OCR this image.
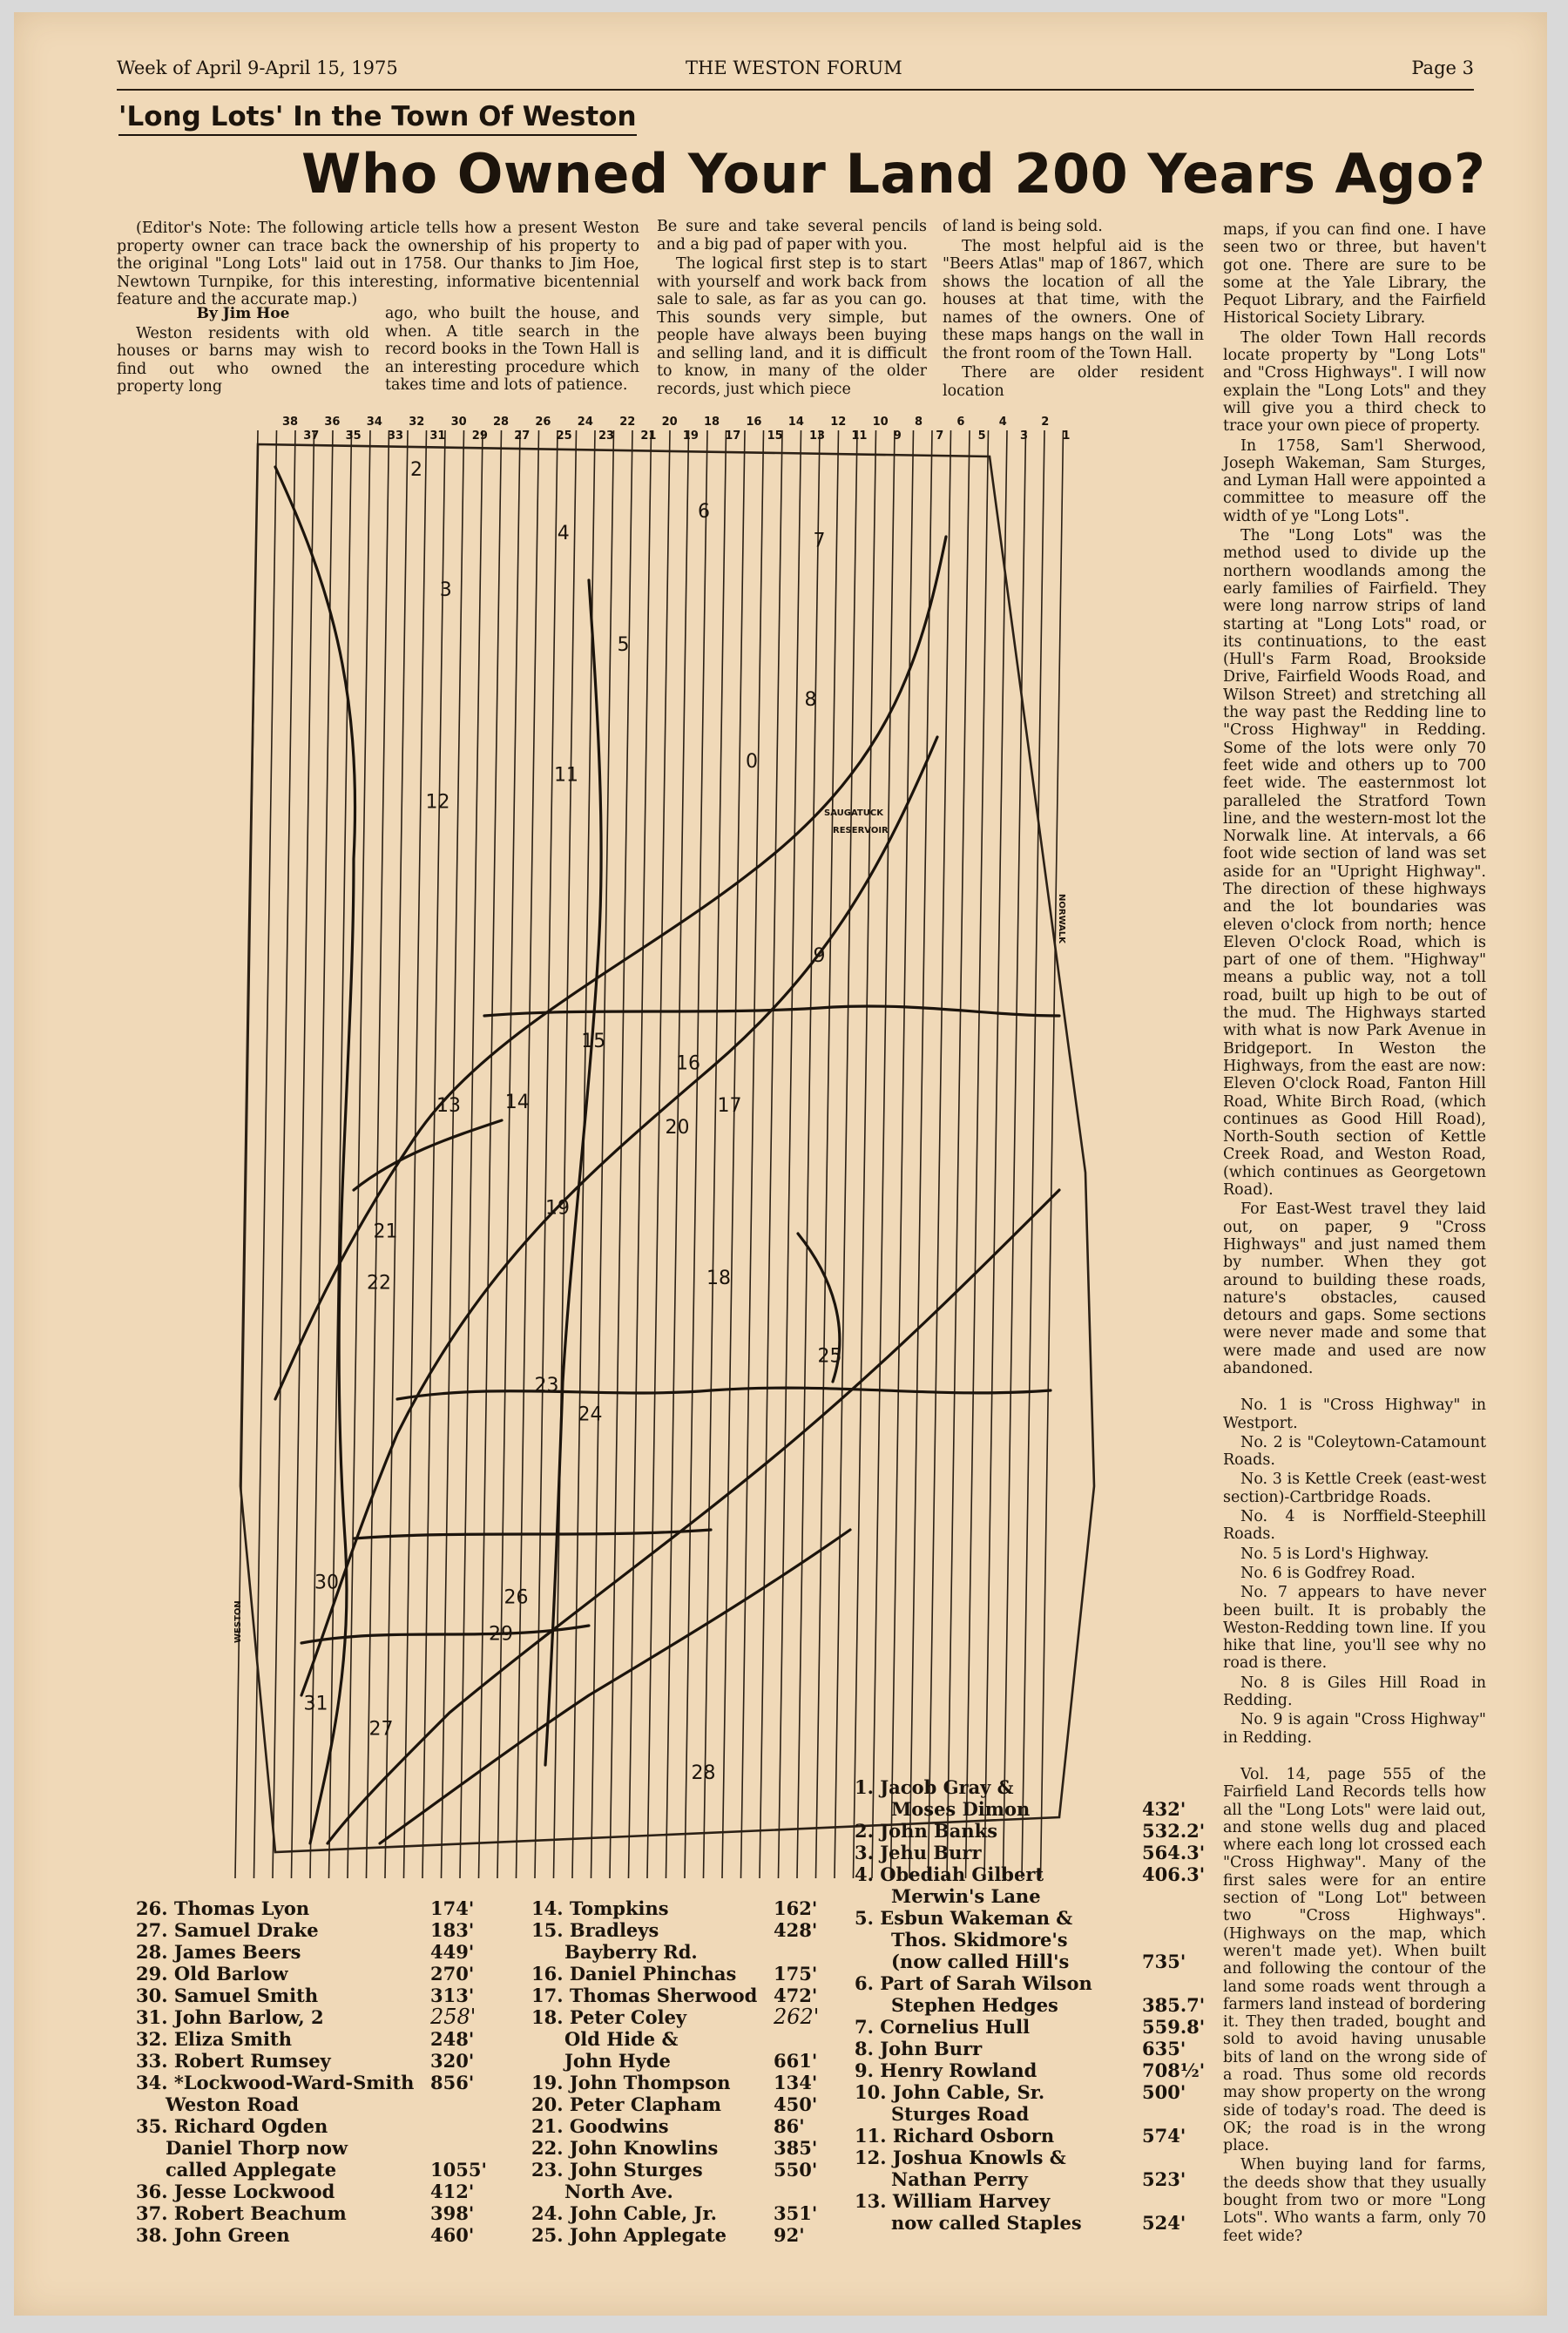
Week of April 9-April 15, 1975	THE WESTON FORUM	Page 3
'Long Lots' In the Town Of Weston
Who Owned Your Land 200 Years Ago?

(Editor's Note: The following article tells how a present Weston property owner can trace back the ownership of his property to the original "Long Lots" laid out in 1758. Our thanks to Jim Hoe, Newtown Turnpike, for this interesting, informative bicentennial feature and the accurate map.)

By Jim Hoe

Weston residents with old houses or barns may wish to find out who owned the property long

ago, who built the house, and when. A title search in the record books in the Town Hall is an interesting procedure which takes time and lots of patience.

Be sure and take several pencils and a big pad of paper with you.

The logical first step is to start with yourself and work back from sale to sale, as far as you can go. This sounds very simple, but people have always been buying and selling land, and it is difficult to know, in many of the older records, just which piece

of land is being sold.

The most helpful aid is the "Beers Atlas" map of 1867, which shows the location of all the houses at that time, with the names of the owners. One of these maps hangs on the wall in the front room of the Town Hall.

There are older resident location

maps, if you can find one. I have seen two or three, but haven't got one. There are sure to be some at the Yale Library, the Pequot Library, and the Fairfield Historical Society Library.

The older Town Hall records locate property by "Long Lots" and "Cross Highways". I will now explain the "Long Lots" and they will give you a third check to trace your own piece of property.

In 1758, Sam'l Sherwood, Joseph Wakeman, Sam Sturges, and Lyman Hall were appointed a committee to measure off the width of ye "Long Lots".

The "Long Lots" was the method used to divide up the northern woodlands among the early families of Fairfield. They were long narrow strips of land starting at "Long Lots" road, or its continuations, to the east (Hull's Farm Road, Brookside Drive, Fairfield Woods Road, and Wilson Street) and stretching all the way past the Redding line to "Cross Highway" in Redding. Some of the lots were only 70 feet wide and others up to 700 feet wide. The easternmost lot paralleled the Stratford Town line, and the western-most lot the Norwalk line. At intervals, a 66 foot wide section of land was set aside for an "Upright Highway". The direction of these highways and the lot boundaries was eleven o'clock from north; hence Eleven O'clock Road, which is part of one of them. "Highway" means a public way, not a toll road, built up high to be out of the mud. The Highways started with what is now Park Avenue in Bridgeport. In Weston the Highways, from the east are now: Eleven O'clock Road, Fanton Hill Road, White Birch Road, (which continues as Good Hill Road), North-South section of Kettle Creek Road, and Weston Road, (which continues as Georgetown Road).

For East-West travel they laid out, on paper, 9 "Cross Highways" and just named them by number. When they got around to building these roads, nature's obstacles, caused detours and gaps. Some sections were never made and some that were made and used are now abandoned.

No. 1 is "Cross Highway" in Westport.

No. 2 is "Coleytown-Catamount Roads.

No. 3 is Kettle Creek (east-west section)-Cartbridge Roads.

No. 4 is Norffield-Steephill Roads.

No. 5 is Lord's Highway.

No. 6 is Godfrey Road.

No. 7 appears to have never been built. It is probably the Weston-Redding town line. If you hike that line, you'll see why no road is there.

No. 8 is Giles Hill Road in Redding.

No. 9 is again "Cross Highway" in Redding.

Vol. 14, page 555 of the Fairfield Land Records tells how all the "Long Lots" were laid out, and stone wells dug and placed where each long lot crossed each "Cross Highway". Many of the first sales were for an entire section of "Long Lot" between two "Cross Highways". (Highways on the map, which weren't made yet). When built and following the contour of the land some roads went through a farmers land instead of bordering it. They then traded, bought and sold to avoid having unusable bits of land on the wrong side of a road. Thus some old records may show property on the wrong side of today's road. The deed is OK; the road is in the wrong place.

When buying land for farms, the deeds show that they usually bought from two or more "Long Lots". Who wants a farm, only 70 feet wide?

38
37
36
35
34
33
32
31
30
29
28
27
26
25
24
23
22
21
20
19
18
17
16
15
14
13
12
11
10
9
8
7
6
5
4
3
2
1
SAUGATUCK
RESERVOIR
WESTON
NORWALK
2
3
4
5
6
7
8
9
0
11
12
13 14
15
16
17
18
19
20
21
22
23
24
25
26
27
28
29
30
31
26. Thomas Lyon	174'
27. Samuel Drake	183'
28. James Beers	449'
29. Old Barlow	270'
30. Samuel Smith	313'
31. John Barlow, 2	258'
32. Eliza Smith	248'
33. Robert Rumsey	320'
34. *Lockwood-Ward-Smith 856'
Weston Road
35. Richard Ogden
Daniel Thorp now
called Applegate	1055'
36. Jesse Lockwood	412'
37. Robert Beachum	398'
38. John Green	460'
14. Tompkins	162'
15. Bradleys	428'
Bayberry Rd.
16. Daniel Phinchas 175'
17. Thomas Sherwood 472'
18. Peter Coley	262'
Old Hide &
John Hyde	661'
19. John Thompson 134'
20. Peter Clapham	450'
21. Goodwins	86'
22. John Knowlins	385'
23. John Sturges	550'
North Ave.
24. John Cable, Jr.	351'
25. John Applegate	92'
1. Jacob Gray &
Moses Dimon	432'
2. John Banks	532.2'
3. Jehu Burr	564.3'
4. Obediah Gilbert	406.3'
Merwin's Lane
5. Esbun Wakeman &
Thos. Skidmore's
(now called Hill's	735'
6. Part of Sarah Wilson
Stephen Hedges	385.7'
7. Cornelius Hull	559.8'
8. John Burr	635'
9. Henry Rowland	708½'
10. John Cable, Sr.	500'
Sturges Road
11. Richard Osborn	574'
12. Joshua Knowls &
Nathan Perry	523'
13. William Harvey
now called Staples	524'
